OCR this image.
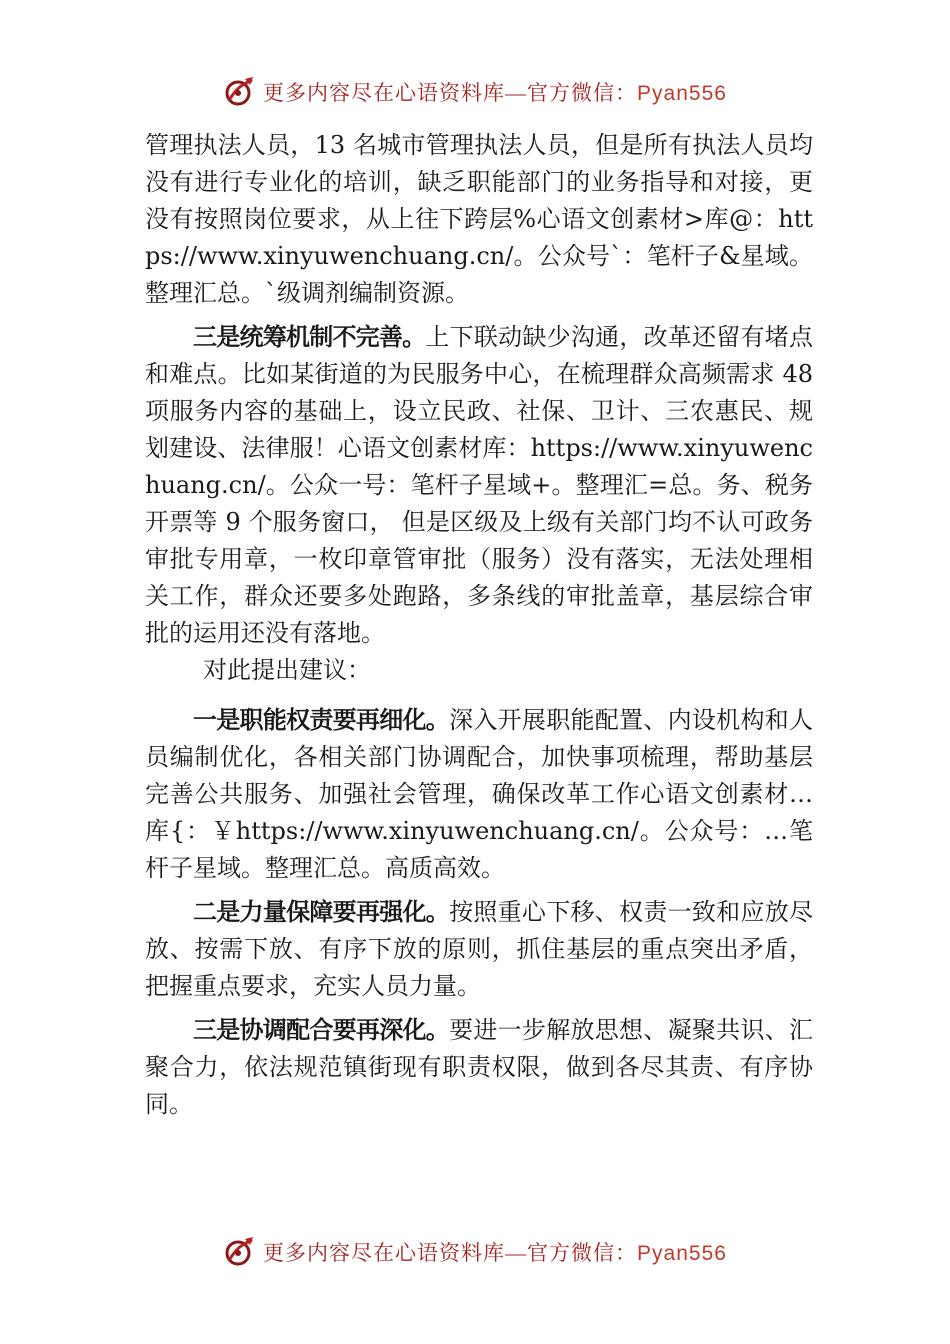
更多内容尽在心语资料库—官方微信：Pyan556

管理执法人员，13 名城市管理执法人员，但是所有执法人员均没有进行专业化的培训，缺乏职能部门的业务指导和对接，更没有按照岗位要求，从上往下跨层%心语文创素材>库@：https://www.xinyuwenchuang.cn/。公众号`：笔杆子&星域。整理汇总。`级调剂编制资源。

三是统筹机制不完善。上下联动缺少沟通，改革还留有堵点和难点。比如某街道的为民服务中心，在梳理群众高频需求 48 项服务内容的基础上，设立民政、社保、卫计、三农惠民、规划建设、法律服！心语文创素材库：https://www.xinyuwenchuang.cn/。公众一号：笔杆子星域+。整理汇=总。务、税务开票等 9 个服务窗口， 但是区级及上级有关部门均不认可政务审批专用章，一枚印章管审批（服务）没有落实，无法处理相关工作，群众还要多处跑路，多条线的审批盖章，基层综合审批的运用还没有落地。

对此提出建议：

一是职能权责要再细化。深入开展职能配置、内设机构和人员编制优化，各相关部门协调配合，加快事项梳理，帮助基层完善公共服务、加强社会管理，确保改革工作心语文创素材…库{：￥https://www.xinyuwenchuang.cn/。公众号：…笔杆子星域。整理汇总。高质高效。

二是力量保障要再强化。按照重心下移、权责一致和应放尽放、按需下放、有序下放的原则，抓住基层的重点突出矛盾，把握重点要求，充实人员力量。

三是协调配合要再深化。要进一步解放思想、凝聚共识、汇聚合力，依法规范镇街现有职责权限，做到各尽其责、有序协同。

更多内容尽在心语资料库—官方微信：Pyan556
